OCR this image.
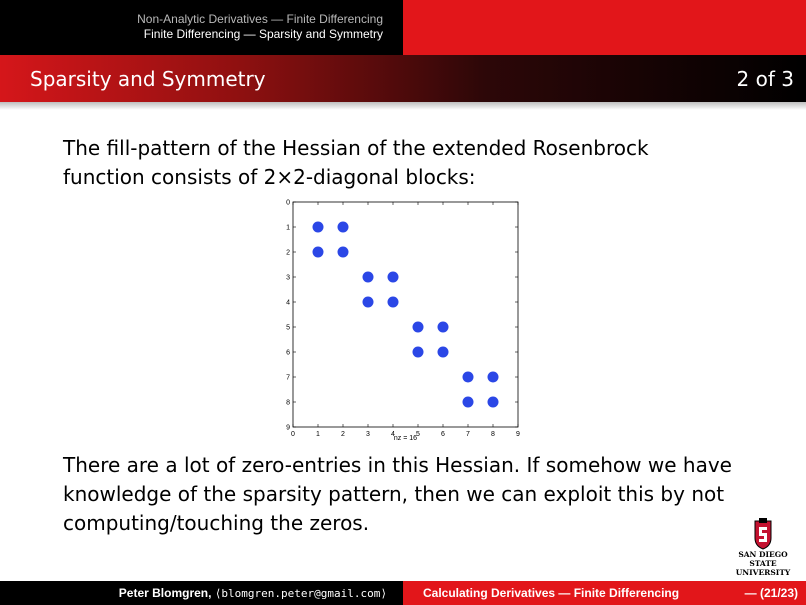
Non-Analytic Derivatives — Finite Differencing
Finite Differencing — Sparsity and Symmetry
Sparsity and Symmetry	2 of 3
The fill-pattern of the Hessian of the extended Rosenbrock
function consists of 2×2-diagonal blocks:
0	1	2	3	4	5	6	7	8	9
0
1
2
3
4
5
6
7
8
9
nz = 16
There are a lot of zero-entries in this Hessian. If somehow we have
knowledge of the sparsity pattern, then we can exploit this by not
computing/touching the zeros.
SAN DIEGO STATE
UNIVERSITY
Peter Blomgren, ⟨blomgren.peter@gmail.com⟩	Calculating Derivatives — Finite Differencing	— (21/23)
